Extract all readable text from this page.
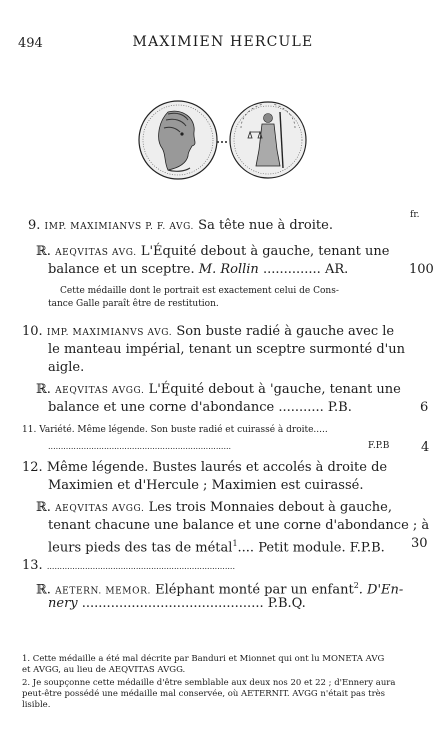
494	MAXIMIEN HERCULE
fr.
9. IMP. MAXIMIANVS P. F. AVG. Sa tête nue à droite.
ℝ. AEQVITAS AVG. L'Équité debout à gauche, tenant une
balance et un sceptre. M. Rollin .............. AR.	100
Cette médaille dont le portrait est exactement celui de Cons-
tance Galle paraît être de restitution.
10. IMP. MAXIMIANVS AVG. Son buste radié à gauche avec le
le manteau impérial, tenant un sceptre surmonté d'un
aigle.
ℝ. AEQVITAS AVGG. L'Équité debout à 'gauche, tenant une
balance et une corne d'abondance ........... P.B.	6
11. Variété. Même légende. Son buste radié et cuirassé à droite.....
........................................................................	F.P.B 4
12. Même légende. Bustes laurés et accolés à droite de
Maximien et d'Hercule ; Maximien est cuirassé.
ℝ. AEQVITAS AVGG. Les trois Monnaies debout à gauche,
tenant chacune une balance et une corne d'abondance ; à
leurs pieds des tas de métal$^1$.... Petit module. F.P.B. 30
13. ..........................................................................
ℝ. AETERN. MEMOR. Eléphant monté par un enfant$^2$. D'En-
nery ............................................ P.B.Q.
1. Cette médaille a été mal décrite par Banduri et Mionnet qui ont lu MONETA AVG
et AVGG, au lieu de AEQVITAS AVGG.
2. Je soupçonne cette médaille d'être semblable aux deux nos 20 et 22 ; d'Ennery aura
peut-être possédé une médaille mal conservée, où AETERNIT. AVGG n'était pas très
lisible.
